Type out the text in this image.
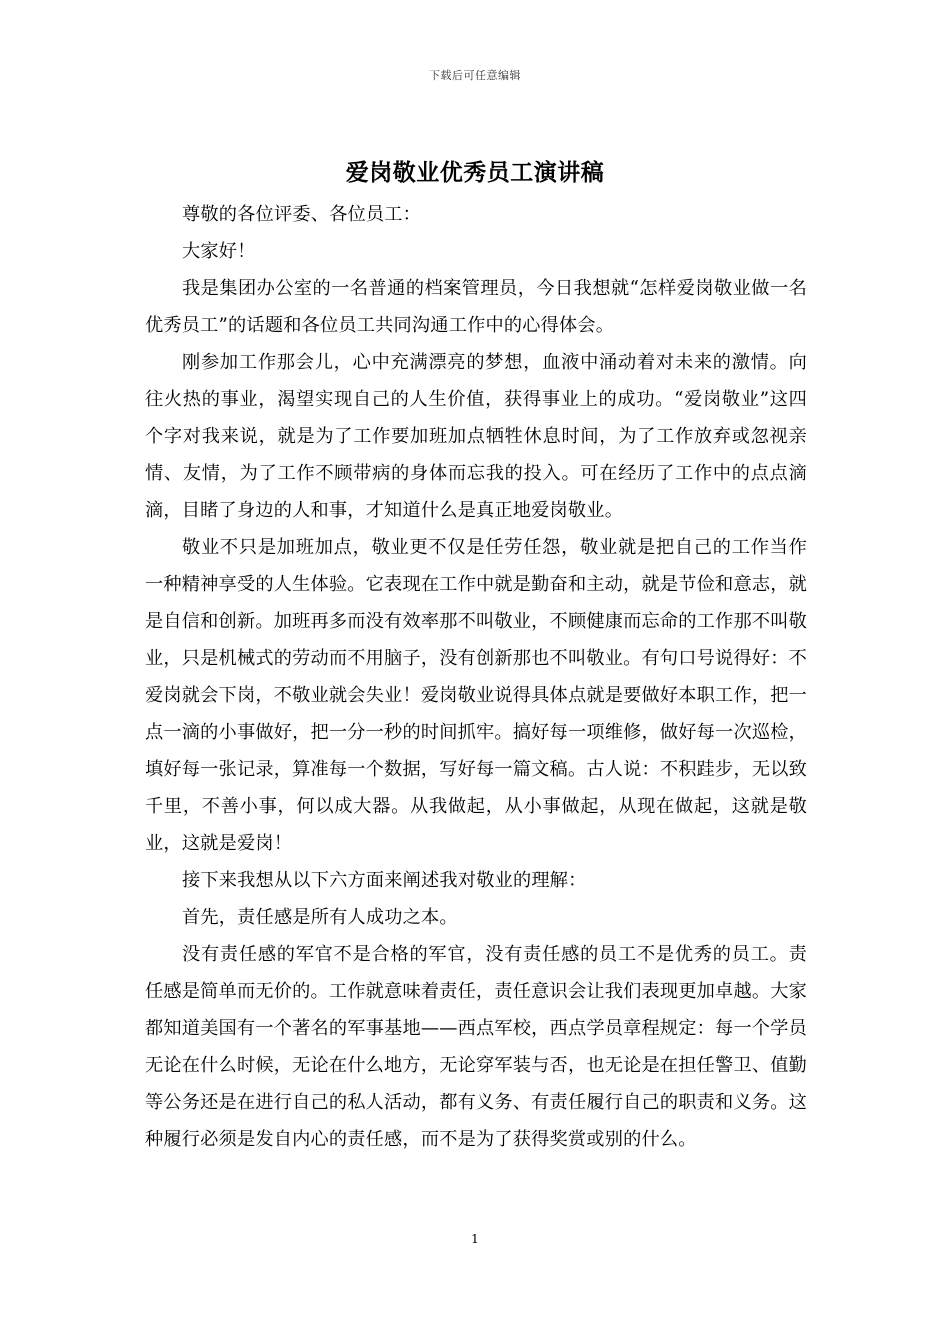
下载后可任意编辑
爱岗敬业优秀员工演讲稿

尊敬的各位评委、各位员工：

大家好！

我是集团办公室的一名普通的档案管理员，今日我想就“怎样爱岗敬业做一名优秀员工”的话题和各位员工共同沟通工作中的心得体会。

刚参加工作那会儿，心中充满漂亮的梦想，血液中涌动着对未来的激情。向往火热的事业，渴望实现自己的人生价值，获得事业上的成功。“爱岗敬业”这四个字对我来说，就是为了工作要加班加点牺牲休息时间，为了工作放弃或忽视亲情、友情，为了工作不顾带病的身体而忘我的投入。可在经历了工作中的点点滴滴，目睹了身边的人和事，才知道什么是真正地爱岗敬业。

敬业不只是加班加点，敬业更不仅是任劳任怨，敬业就是把自己的工作当作一种精神享受的人生体验。它表现在工作中就是勤奋和主动，就是节俭和意志，就是自信和创新。加班再多而没有效率那不叫敬业，不顾健康而忘命的工作那不叫敬业，只是机械式的劳动而不用脑子，没有创新那也不叫敬业。有句口号说得好：不爱岗就会下岗，不敬业就会失业！爱岗敬业说得具体点就是要做好本职工作，把一点一滴的小事做好，把一分一秒的时间抓牢。搞好每一项维修，做好每一次巡检，填好每一张记录，算准每一个数据，写好每一篇文稿。古人说：不积跬步，无以致千里，不善小事，何以成大器。从我做起，从小事做起，从现在做起，这就是敬业，这就是爱岗！

接下来我想从以下六方面来阐述我对敬业的理解：

首先，责任感是所有人成功之本。

没有责任感的军官不是合格的军官，没有责任感的员工不是优秀的员工。责任感是简单而无价的。工作就意味着责任，责任意识会让我们表现更加卓越。大家都知道美国有一个著名的军事基地——西点军校，西点学员章程规定：每一个学员无论在什么时候，无论在什么地方，无论穿军装与否，也无论是在担任警卫、值勤等公务还是在进行自己的私人活动，都有义务、有责任履行自己的职责和义务。这种履行必须是发自内心的责任感，而不是为了获得奖赏或别的什么。

1
